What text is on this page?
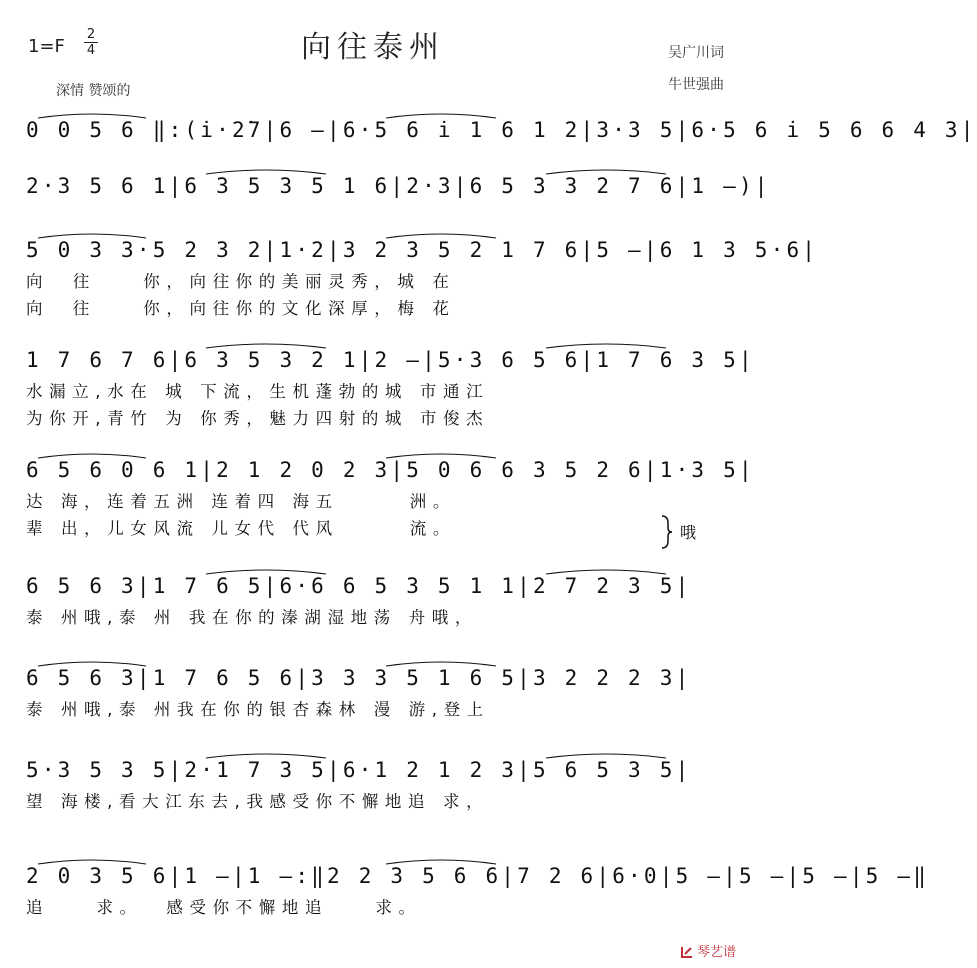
向往泰州
1=F
2
4
深情 赞颂的
吴广川词
牛世强曲
0 0 5 6 ‖:(i̇·2̇7|6 –|6·5 6 i̇ 1 6 1 2|3·3 5|6·5 6 i̇ 5 6 6 4 3|
2·3 5 6 1|6 3 5 3 5 1 6|2·3|6 5 3 3 2 7 6|1 –)|
5 0 3 3·5 2 3 2|1·2|3 2 3 5 2 1 7 6|5 –|6 1 3 5·6|
向  往    你，向往你的美丽灵秀，城 在
向  往    你，向往你的文化深厚，梅 花
1 7 6 7 6|6 3 5 3 2 1|2 –|5·3 6 5 6|1 7 6 3 5|
水漏立,水在 城 下流，生机蓬勃的城 市通江
为你开,青竹 为 你秀，魅力四射的城 市俊杰
6 5 6 0 6 1|2 1 2 0 2 3|5 0 6 6 3 5 2 6|1·3 5|
达 海，连着五洲 连着四 海五      洲。
辈 出，儿女风流 儿女代 代风      流。	哦
6 5 6 3|1 7 6 5|6·6 6 5 3 5 1 1|2 7 2 3 5|
泰 州哦,泰 州 我在你的溱湖湿地荡 舟哦，
6 5 6 3|1 7 6 5 6|3 3 3 5 1 6 5|3 2 2 2 3|
泰 州哦,泰 州我在你的银杏森林 漫 游,登上
5·3 5 3 5|2·1 7 3 5|6·1 2 1 2 3|5 6 5 3 5|
望 海楼,看大江东去,我感受你不懈地追 求，
2 0 3 5 6|1 –|1 –:‖2 2 3 5 6 6|7 2 6|6·0|5 –|5 –|5 –|5 –‖
追    求。  感受你不懈地追    求。
琴艺谱
